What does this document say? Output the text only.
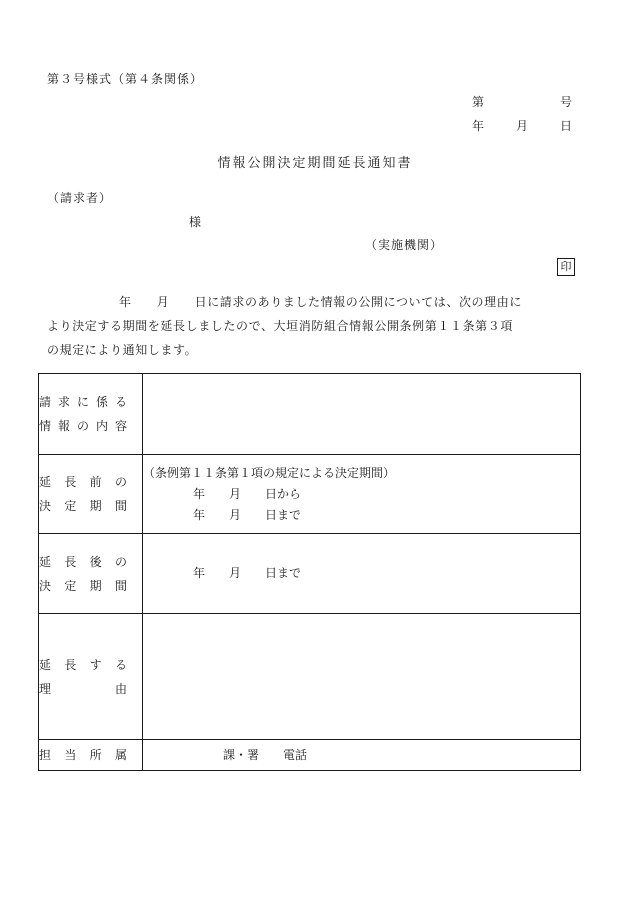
第３号様式（第４条関係）
第	号
年	月	日
情報公開決定期間延長通知書
（請求者）
様
（実施機関）
印
年　　月　　日に請求のありました情報の公開については、次の理由に
より決定する期間を延長しましたので、大垣消防組合情報公開条例第１１条第３項
の規定により通知します。
請求に係る
情報の内容	

延長前の
決定期間	（条例第１１条第１項の規定による決定期間）
年　　月　　日から
年　　月　　日まで

延長後の
決定期間	年　　月　　日まで

延長する
理由	

担当所属	課・署　　電話
